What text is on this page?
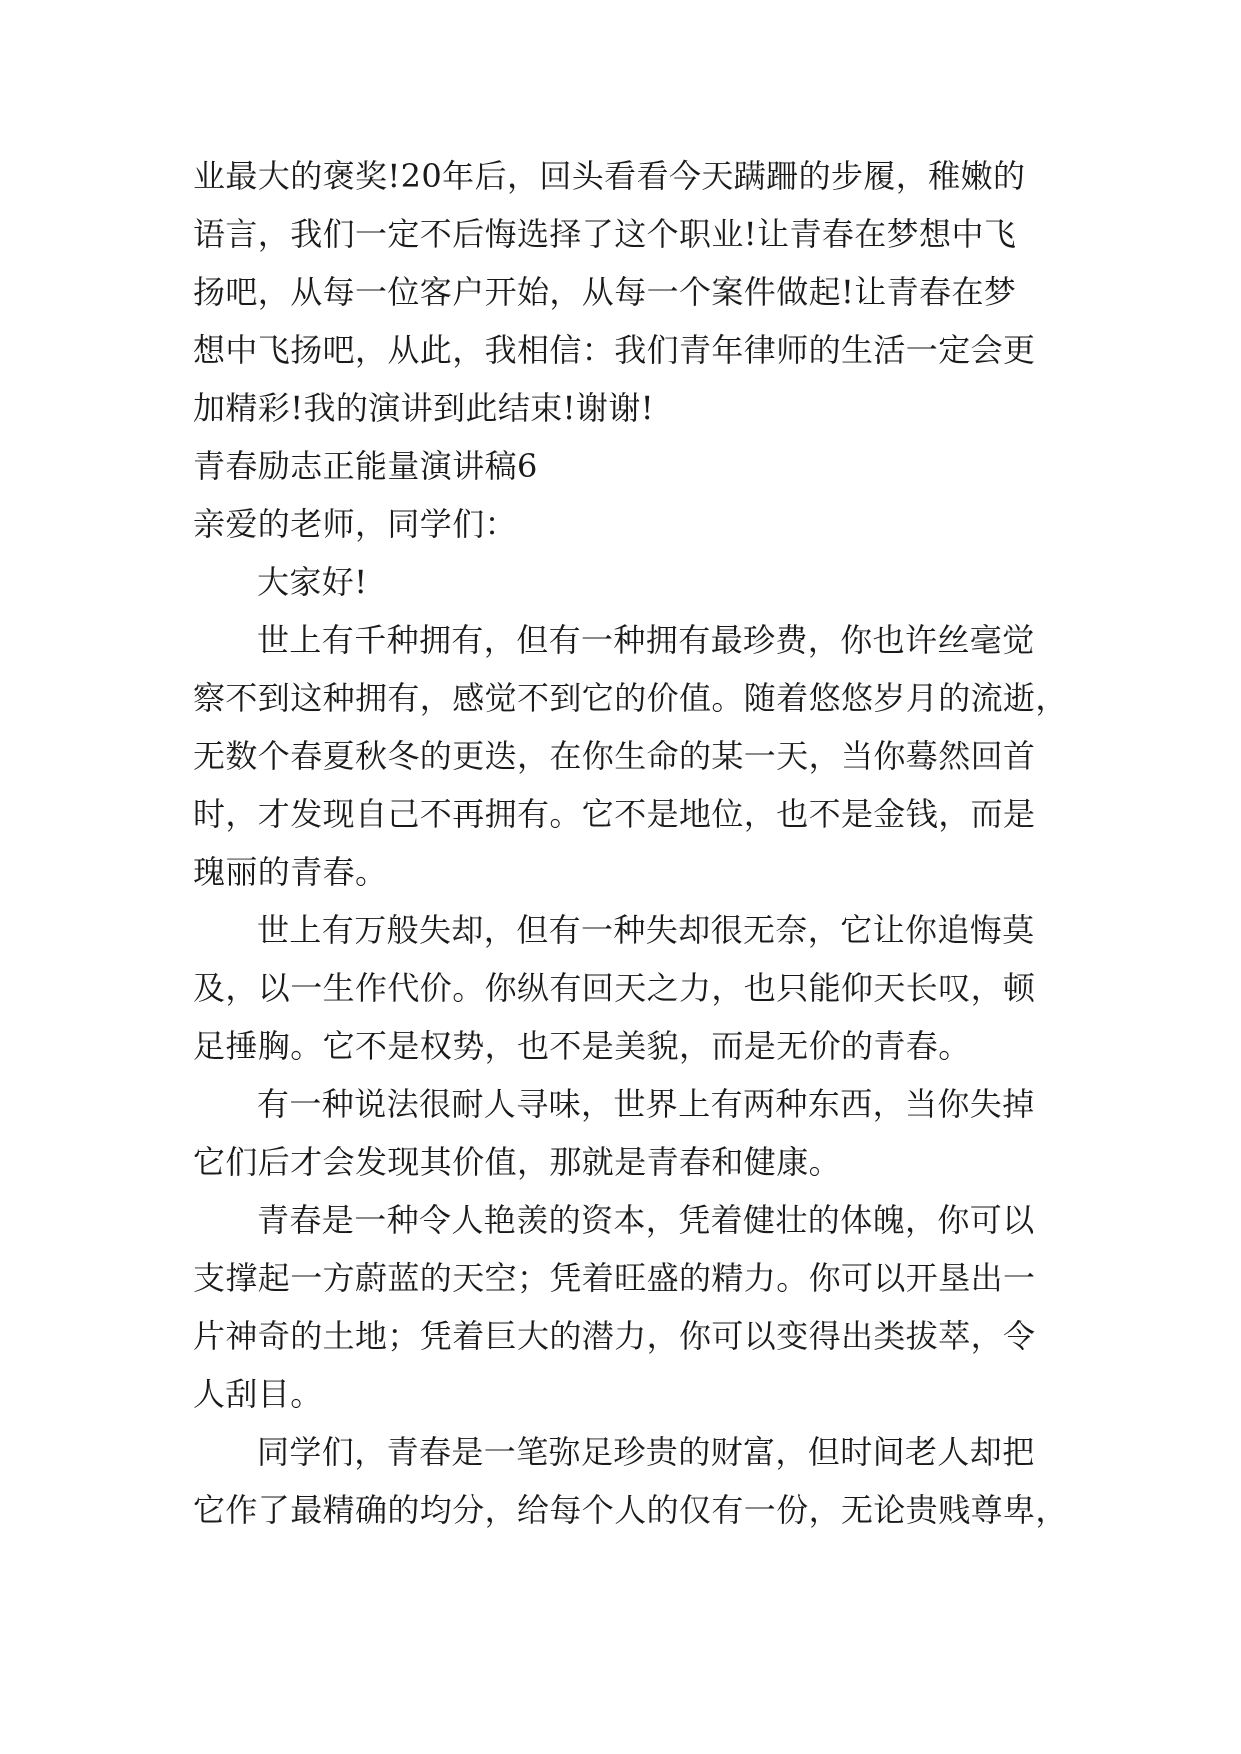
业最大的褒奖!20年后，回头看看今天蹒跚的步履，稚嫩的
语言，我们一定不后悔选择了这个职业!让青春在梦想中飞
扬吧，从每一位客户开始，从每一个案件做起!让青春在梦
想中飞扬吧，从此，我相信：我们青年律师的生活一定会更
加精彩!我的演讲到此结束!谢谢!
青春励志正能量演讲稿6
亲爱的老师，同学们：
大家好!
世上有千种拥有，但有一种拥有最珍费，你也许丝毫觉
察不到这种拥有，感觉不到它的价值。随着悠悠岁月的流逝，
无数个春夏秋冬的更迭，在你生命的某一天，当你蓦然回首
时，才发现自己不再拥有。它不是地位，也不是金钱，而是
瑰丽的青春。
世上有万般失却，但有一种失却很无奈，它让你追悔莫
及，以一生作代价。你纵有回天之力，也只能仰天长叹，顿
足捶胸。它不是权势，也不是美貌，而是无价的青春。
有一种说法很耐人寻味，世界上有两种东西，当你失掉
它们后才会发现其价值，那就是青春和健康。
青春是一种令人艳羡的资本，凭着健壮的体魄，你可以
支撑起一方蔚蓝的天空；凭着旺盛的精力。你可以开垦出一
片神奇的土地；凭着巨大的潜力，你可以变得出类拔萃，令
人刮目。
同学们，青春是一笔弥足珍贵的财富，但时间老人却把
它作了最精确的均分，给每个人的仅有一份，无论贵贱尊卑，
